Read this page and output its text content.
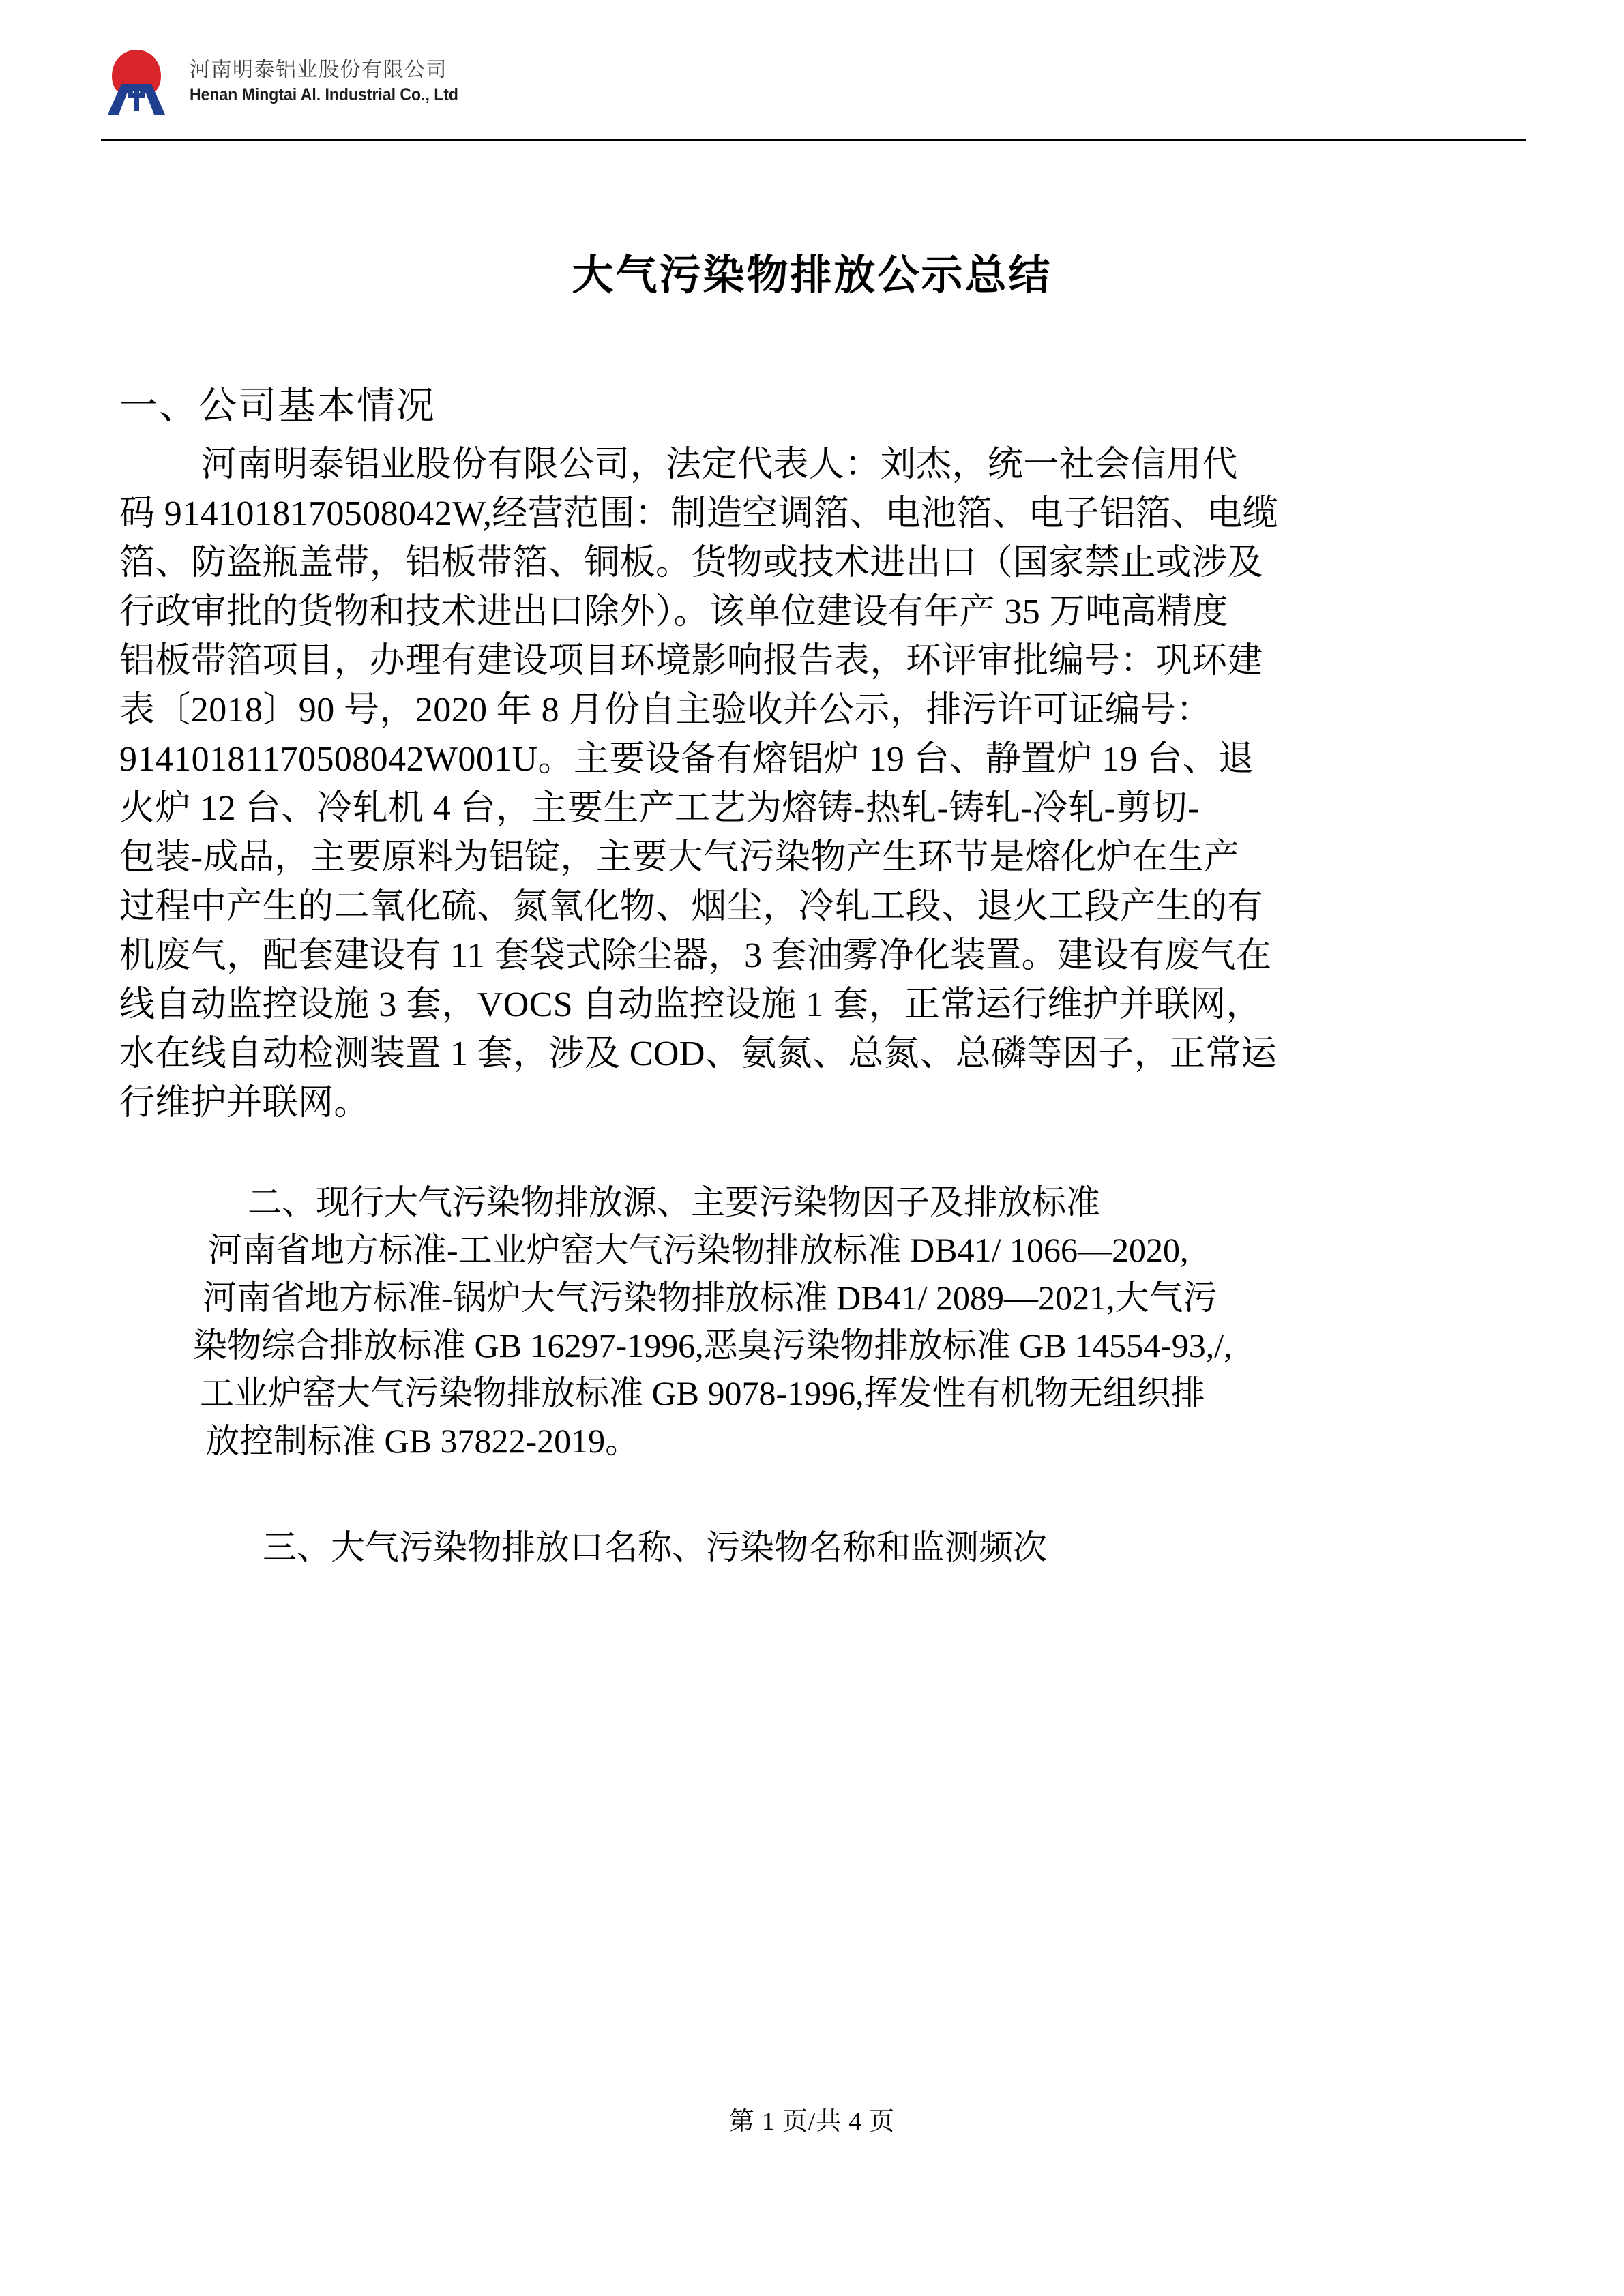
河南明泰铝业股份有限公司
Henan Mingtai Al. Industrial Co., Ltd
大气污染物排放公示总结
一、公司基本情况
河南明泰铝业股份有限公司，法定代表人：刘杰，统一社会信用代
码 9141018170508042W,经营范围：制造空调箔、电池箔、电子铝箔、电缆
箔、防盗瓶盖带，铝板带箔、铜板。货物或技术进出口（国家禁止或涉及
行政审批的货物和技术进出口除外）。该单位建设有年产 35 万吨高精度
铝板带箔项目，办理有建设项目环境影响报告表，环评审批编号：巩环建
表〔2018〕90 号，2020 年 8 月份自主验收并公示，排污许可证编号：
91410181170508042W001U。主要设备有熔铝炉 19 台、静置炉 19 台、退
火炉 12 台、冷轧机 4 台，主要生产工艺为熔铸-热轧-铸轧-冷轧-剪切-
包装-成品，主要原料为铝锭，主要大气污染物产生环节是熔化炉在生产
过程中产生的二氧化硫、氮氧化物、烟尘，冷轧工段、退火工段产生的有
机废气，配套建设有 11 套袋式除尘器，3 套油雾净化装置。建设有废气在
线自动监控设施 3 套，VOCS 自动监控设施 1 套，正常运行维护并联网，
水在线自动检测装置 1 套，涉及 COD、氨氮、总氮、总磷等因子，正常运
行维护并联网。
二、现行大气污染物排放源、主要污染物因子及排放标准
河南省地方标准-工业炉窑大气污染物排放标准 DB41/ 1066—2020,
河南省地方标准-锅炉大气污染物排放标准 DB41/ 2089—2021,大气污
染物综合排放标准 GB 16297-1996,恶臭污染物排放标准 GB 14554-93,/,
工业炉窑大气污染物排放标准 GB 9078-1996,挥发性有机物无组织排
放控制标准 GB 37822-2019。
三、大气污染物排放口名称、污染物名称和监测频次
第 1 页/共 4 页
